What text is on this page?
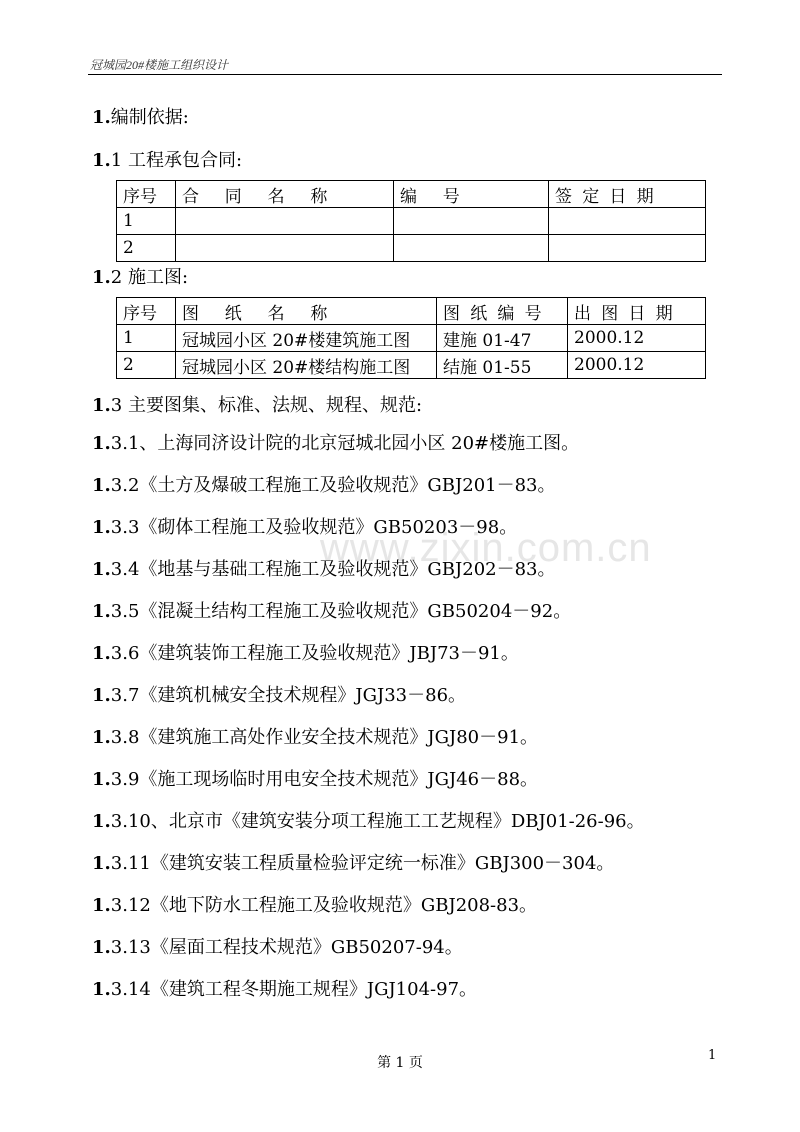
冠城园20#楼施工组织设计
www.zixin.com.cn
1.编制依据:
1.1 工程承包合同:
序号	合 同 名 称	编 号	签定日期
1			
2			
1.2 施工图:
序号	图 纸 名 称	图纸编号	出图日期
1	冠城园小区 20#楼建筑施工图	建施 01-47	2000.12
2	冠城园小区 20#楼结构施工图	结施 01-55	2000.12
1.3 主要图集、标准、法规、规程、规范:
1.3.1、上海同济设计院的北京冠城北园小区 20#楼施工图。
1.3.2《土方及爆破工程施工及验收规范》GBJ201－83。
1.3.3《砌体工程施工及验收规范》GB50203－98。
1.3.4《地基与基础工程施工及验收规范》GBJ202－83。
1.3.5《混凝土结构工程施工及验收规范》GB50204－92。
1.3.6《建筑装饰工程施工及验收规范》JBJ73－91。
1.3.7《建筑机械安全技术规程》JGJ33－86。
1.3.8《建筑施工高处作业安全技术规范》JGJ80－91。
1.3.9《施工现场临时用电安全技术规范》JGJ46－88。
1.3.10、北京市《建筑安装分项工程施工工艺规程》DBJ01-26-96。
1.3.11《建筑安装工程质量检验评定统一标准》GBJ300－304。
1.3.12《地下防水工程施工及验收规范》GBJ208-83。
1.3.13《屋面工程技术规范》GB50207-94。
1.3.14《建筑工程冬期施工规程》JGJ104-97。
第 1 页	1
